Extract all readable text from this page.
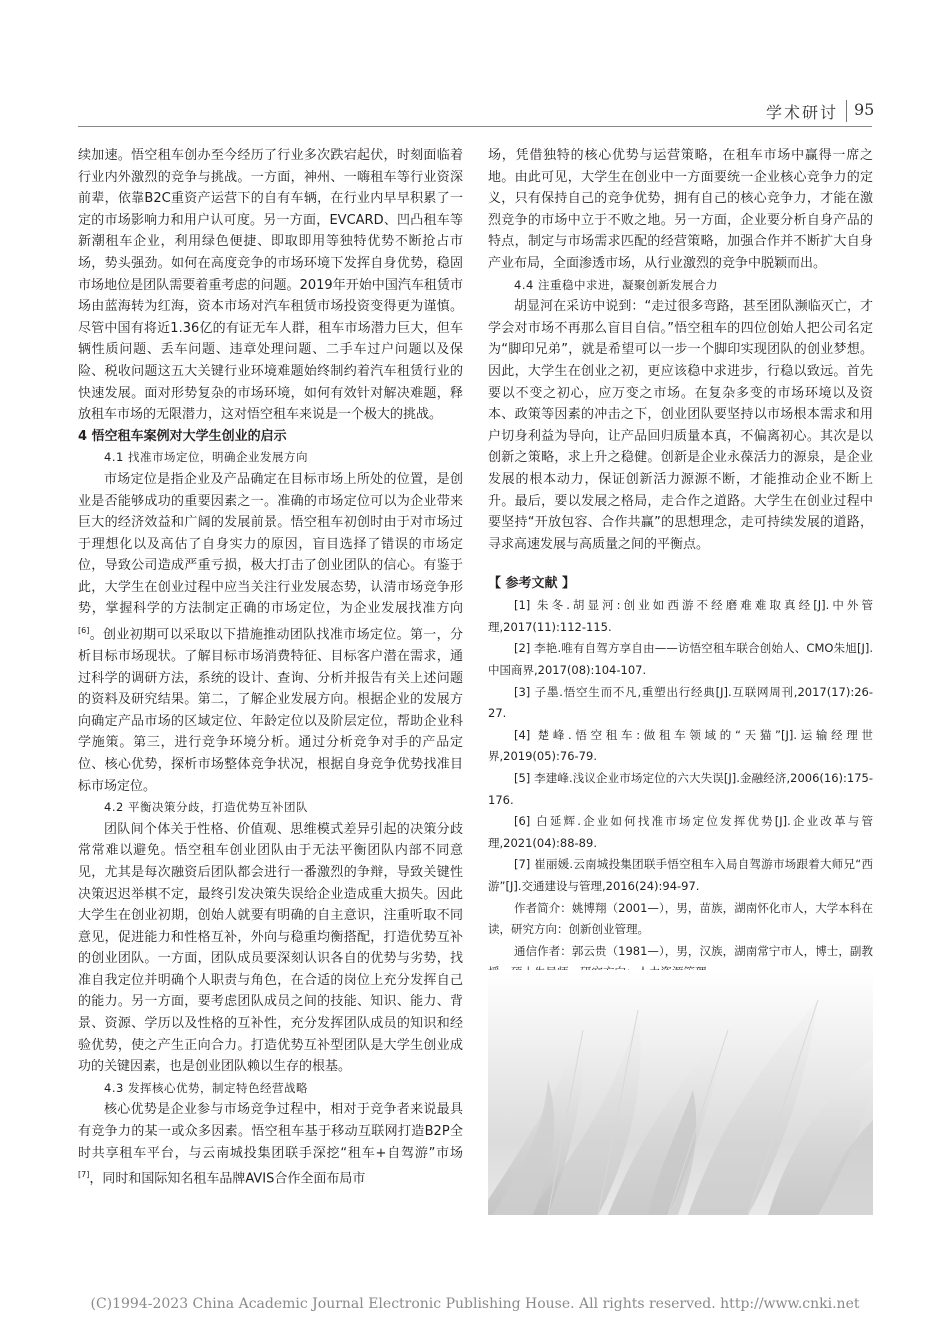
学术研讨 95

续加速。悟空租车创办至今经历了行业多次跌宕起伏，时刻面临着行业内外激烈的竞争与挑战。一方面，神州、一嗨租车等行业资深前辈，依靠B2C重资产运营下的自有车辆，在行业内早早积累了一定的市场影响力和用户认可度。另一方面，EVCARD、凹凸租车等新潮租车企业，利用绿色便捷、即取即用等独特优势不断抢占市场，势头强劲。如何在高度竞争的市场环境下发挥自身优势，稳固市场地位是团队需要着重考虑的问题。2019年开始中国汽车租赁市场由蓝海转为红海，资本市场对汽车租赁市场投资变得更为谨慎。尽管中国有将近1.36亿的有证无车人群，租车市场潜力巨大，但车辆性质问题、丢车问题、违章处理问题、二手车过户问题以及保险、税收问题这五大关键行业环境难题始终制约着汽车租赁行业的快速发展。面对形势复杂的市场环境，如何有效针对解决难题，释放租车市场的无限潜力，这对悟空租车来说是一个极大的挑战。

4 悟空租车案例对大学生创业的启示

4.1 找准市场定位，明确企业发展方向

市场定位是指企业及产品确定在目标市场上所处的位置，是创业是否能够成功的重要因素之一。准确的市场定位可以为企业带来巨大的经济效益和广阔的发展前景。悟空租车初创时由于对市场过于理想化以及高估了自身实力的原因，盲目选择了错误的市场定位，导致公司造成严重亏损，极大打击了创业团队的信心。有鉴于此，大学生在创业过程中应当关注行业发展态势，认清市场竞争形势，掌握科学的方法制定正确的市场定位，为企业发展找准方向[6]。创业初期可以采取以下措施推动团队找准市场定位。第一，分析目标市场现状。了解目标市场消费特征、目标客户潜在需求，通过科学的调研方法，系统的设计、查询、分析并报告有关上述问题的资料及研究结果。第二，了解企业发展方向。根据企业的发展方向确定产品市场的区域定位、年龄定位以及阶层定位，帮助企业科学施策。第三，进行竞争环境分析。通过分析竞争对手的产品定位、核心优势，探析市场整体竞争状况，根据自身竞争优势找准目标市场定位。

4.2 平衡决策分歧，打造优势互补团队

团队间个体关于性格、价值观、思维模式差异引起的决策分歧常常难以避免。悟空租车创业团队由于无法平衡团队内部不同意见，尤其是每次融资后团队都会进行一番激烈的争辩，导致关键性决策迟迟举棋不定，最终引发决策失误给企业造成重大损失。因此大学生在创业初期，创始人就要有明确的自主意识，注重听取不同意见，促进能力和性格互补，外向与稳重均衡搭配，打造优势互补的创业团队。一方面，团队成员要深刻认识各自的优势与劣势，找准自我定位并明确个人职责与角色，在合适的岗位上充分发挥自己的能力。另一方面，要考虑团队成员之间的技能、知识、能力、背景、资源、学历以及性格的互补性，充分发挥团队成员的知识和经验优势，使之产生正向合力。打造优势互补型团队是大学生创业成功的关键因素，也是创业团队赖以生存的根基。

4.3 发挥核心优势，制定特色经营战略

核心优势是企业参与市场竞争过程中，相对于竞争者来说最具有竞争力的某一或众多因素。悟空租车基于移动互联网打造B2P全时共享租车平台，与云南城投集团联手深挖“租车+自驾游”市场[7]，同时和国际知名租车品牌AVIS合作全面布局市

场，凭借独特的核心优势与运营策略，在租车市场中赢得一席之地。由此可见，大学生在创业中一方面要统一企业核心竞争力的定义，只有保持自己的竞争优势，拥有自己的核心竞争力，才能在激烈竞争的市场中立于不败之地。另一方面，企业要分析自身产品的特点，制定与市场需求匹配的经营策略，加强合作并不断扩大自身产业布局，全面渗透市场，从行业激烈的竞争中脱颖而出。

4.4 注重稳中求进，凝聚创新发展合力

胡显河在采访中说到：“走过很多弯路，甚至团队濒临灭亡，才学会对市场不再那么盲目自信。”悟空租车的四位创始人把公司名定为“脚印兄弟”，就是希望可以一步一个脚印实现团队的创业梦想。因此，大学生在创业之初，更应该稳中求进步，行稳以致远。首先要以不变之初心，应万变之市场。在复杂多变的市场环境以及资本、政策等因素的冲击之下，创业团队要坚持以市场根本需求和用户切身利益为导向，让产品回归质量本真，不偏离初心。其次是以创新之策略，求上升之稳健。创新是企业永葆活力的源泉，是企业发展的根本动力，保证创新活力源源不断，才能推动企业不断上升。最后，要以发展之格局，走合作之道路。大学生在创业过程中要坚持“开放包容、合作共赢”的思想理念，走可持续发展的道路，寻求高速发展与高质量之间的平衡点。

【 参考文献 】

[1] 朱冬.胡显河:创业如西游不经磨难难取真经[J].中外管理,2017(11):112-115.

[2] 李艳.唯有自驾方享自由——访悟空租车联合创始人、CMO朱旭[J].中国商界,2017(08):104-107.

[3] 子墨.悟空生而不凡,重塑出行经典[J].互联网周刊,2017(17):26-27.

[4] 楚峰.悟空租车:做租车领域的“天猫”[J].运输经理世界,2019(05):76-79.

[5] 李建峰.浅议企业市场定位的六大失误[J].金融经济,2006(16):175-176.

[6] 白延辉.企业如何找准市场定位发挥优势[J].企业改革与管理,2021(04):88-89.

[7] 崔丽媛.云南城投集团联手悟空租车入局自驾游市场跟着大师兄“西游”[J].交通建设与管理,2016(24):94-97.

作者简介：姚博翔（2001—），男，苗族，湖南怀化市人，大学本科在读，研究方向：创新创业管理。

通信作者：郭云贵（1981—），男，汉族，湖南常宁市人，博士，副教

(C)1994-2023 China Academic Journal Electronic Publishing House. All rights reserved. http://www.cnki.net
